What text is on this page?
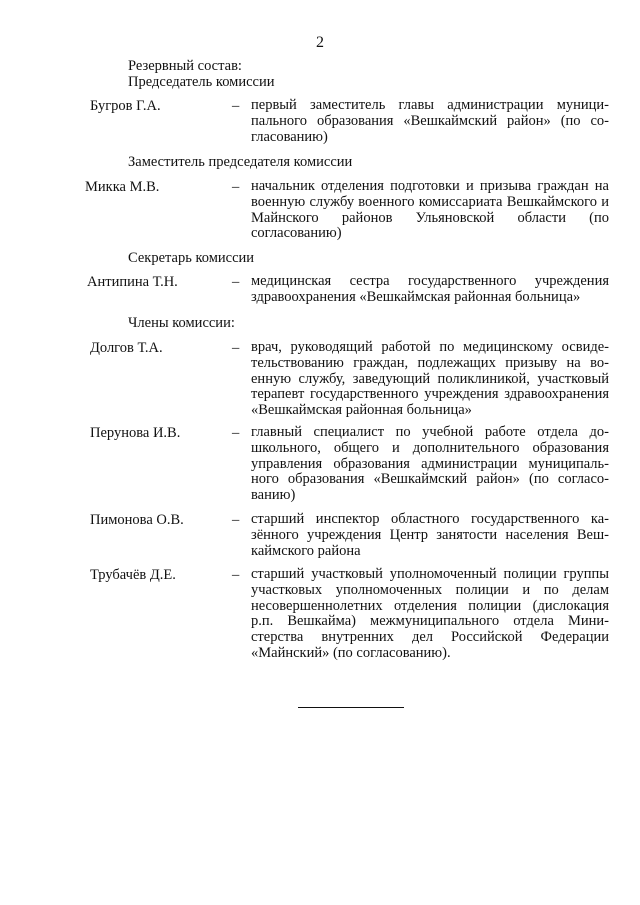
2
Резервный состав:
Председатель комиссии
Бугров Г.А.	– первый заместитель главы администрации муниципального образования «Вешкаймский район» (по согласованию)
Заместитель председателя комиссии
Микка М.В.	– начальник отделения подготовки и призыва граждан на военную службу военного комиссариата Вешкаймского и Майнского районов Ульяновской области (по согласованию)
Секретарь комиссии
Антипина Т.Н.	– медицинская сестра государственного учреждения здравоохранения «Вешкаймская районная больница»
Члены комиссии:
Долгов Т.А.	– врач, руководящий работой по медицинскому освидетельствованию граждан, подлежащих призыву на военную службу, заведующий поликлиникой, участковый терапевт государственного учреждения здравоохранения «Вешкаймская районная больница»
Перунова И.В.	– главный специалист по учебной работе отдела дошкольного, общего и дополнительного образования управления образования администрации муниципального образования «Вешкаймский район» (по согласованию)
Пимонова О.В.	– старший инспектор областного государственного казённого учреждения Центр занятости населения Вешкаймского района
Трубачёв Д.Е.	– старший участковый уполномоченный полиции группы участковых уполномоченных полиции и по делам несовершеннолетних отделения полиции (дислокация р.п. Вешкайма) межмуниципального отдела Министерства внутренних дел Российской Федерации «Майнский» (по согласованию).
